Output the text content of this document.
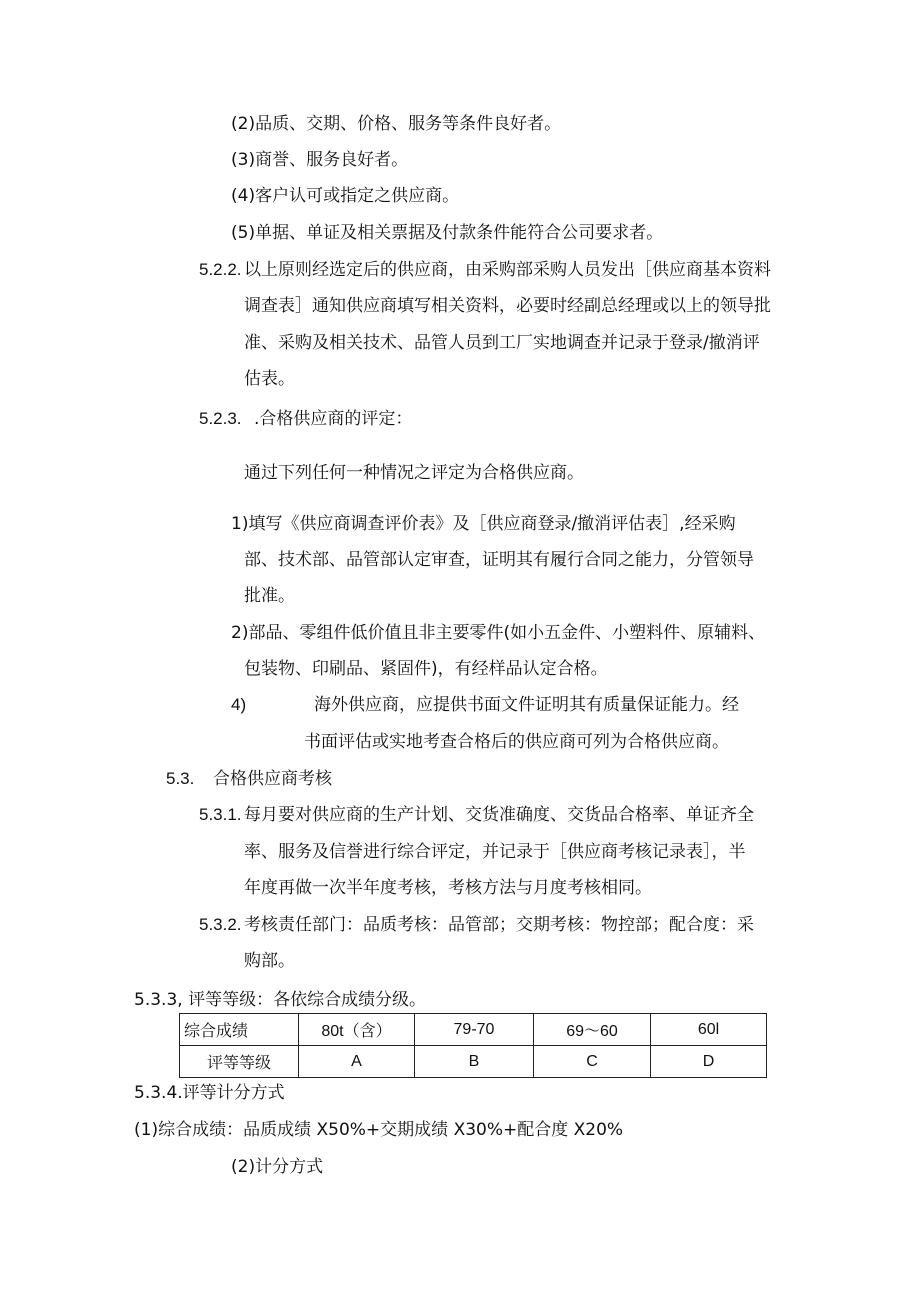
(2)品质、交期、价格、服务等条件良好者。
(3)商誉、服务良好者。
(4)客户认可或指定之供应商。
(5)单据、单证及相关票据及付款条件能符合公司要求者。
5.2.2. 以上原则经选定后的供应商，由采购部采购人员发出［供应商基本资料
调查表］通知供应商填写相关资料，必要时经副总经理或以上的领导批
准、采购及相关技术、品管人员到工厂实地调查并记录于登录/撤消评
估表。
5.2.3. .合格供应商的评定：
通过下列任何一种情况之评定为合格供应商。
1)填写《供应商调查评价表》及［供应商登录/撤消评估表］,经采购
部、技术部、品管部认定审查，证明其有履行合同之能力，分管领导
批准。
2)部品、零组件低价值且非主要零件(如小五金件、小塑料件、原辅料、
包装物、印刷品、紧固件)，有经样品认定合格。
4)	海外供应商，应提供书面文件证明其有质量保证能力。经
书面评估或实地考查合格后的供应商可列为合格供应商。
5.3. 合格供应商考核
5.3.1. 每月要对供应商的生产计划、交货准确度、交货品合格率、单证齐全
率、服务及信誉进行综合评定，并记录于［供应商考核记录表］，半
年度再做一次半年度考核，考核方法与月度考核相同。
5.3.2. 考核责任部门：品质考核：品管部；交期考核：物控部；配合度：采
购部。
5.3.3, 评等等级：各依综合成绩分级。
综合成绩	80t（含）	79-70	69～60	60l
评等等级	A	B	C	D
5.3.4.评等计分方式
(1)综合成绩：品质成绩 X50%+交期成绩 X30%+配合度 X20%
(2)计分方式
